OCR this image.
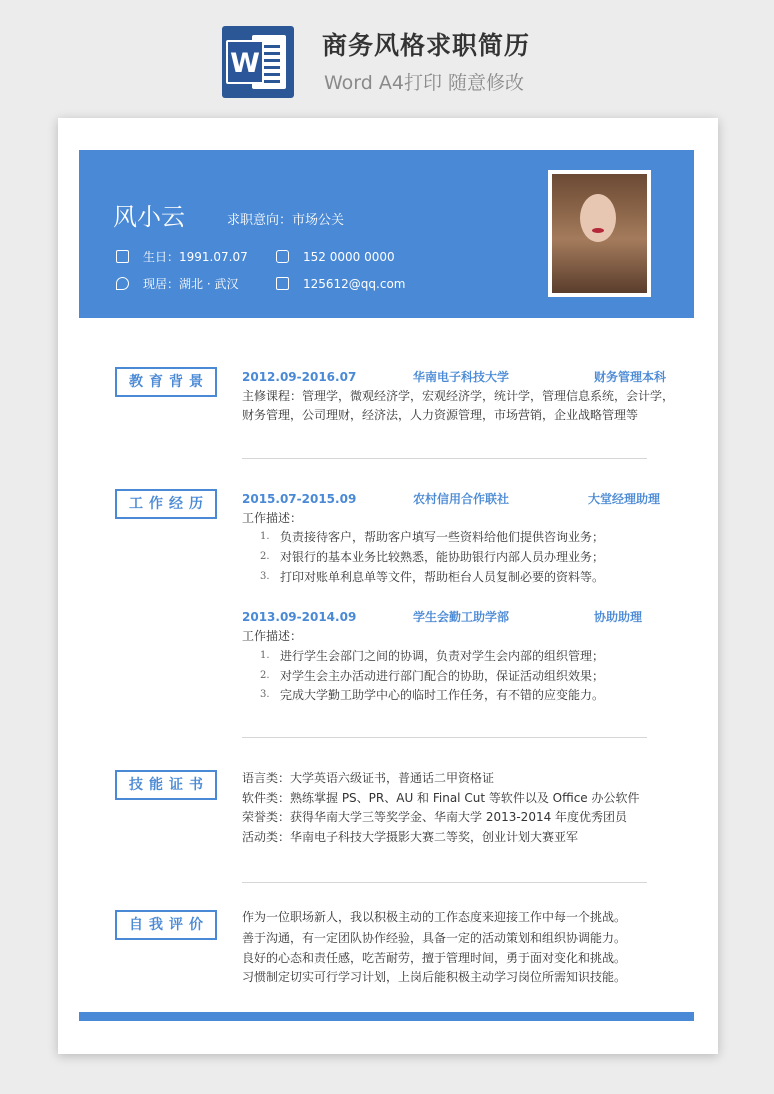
W
商务风格求职简历
Word A4打印 随意修改
风小云	求职意向：市场公关
生日：1991.07.07	152 0000 0000
现居：湖北 · 武汉	125612@qq.com
教育背景	2012.09-2016.07	华南电子科技大学	财务管理本科
主修课程：管理学，微观经济学，宏观经济学，统计学，管理信息系统，会计学，
财务管理，公司理财，经济法，人力资源管理，市场营销，企业战略管理等
工作经历	2015.07-2015.09	农村信用合作联社	大堂经理助理
工作描述：
1. 负责接待客户，帮助客户填写一些资料给他们提供咨询业务；
2. 对银行的基本业务比较熟悉，能协助银行内部人员办理业务；
3. 打印对账单利息单等文件，帮助柜台人员复制必要的资料等。
2013.09-2014.09	学生会勤工助学部	协助助理
工作描述：
1. 进行学生会部门之间的协调，负责对学生会内部的组织管理；
2. 对学生会主办活动进行部门配合的协助，保证活动组织效果；
3. 完成大学勤工助学中心的临时工作任务，有不错的应变能力。
技能证书	语言类：大学英语六级证书，普通话二甲资格证
软件类：熟练掌握 PS、PR、AU 和 Final Cut 等软件以及 Office 办公软件
荣誉类：获得华南大学三等奖学金、华南大学 2013-2014 年度优秀团员
活动类：华南电子科技大学摄影大赛二等奖，创业计划大赛亚军
自我评价	作为一位职场新人，我以积极主动的工作态度来迎接工作中每一个挑战。
善于沟通，有一定团队协作经验，具备一定的活动策划和组织协调能力。
良好的心态和责任感，吃苦耐劳，擅于管理时间，勇于面对变化和挑战。
习惯制定切实可行学习计划，上岗后能积极主动学习岗位所需知识技能。
